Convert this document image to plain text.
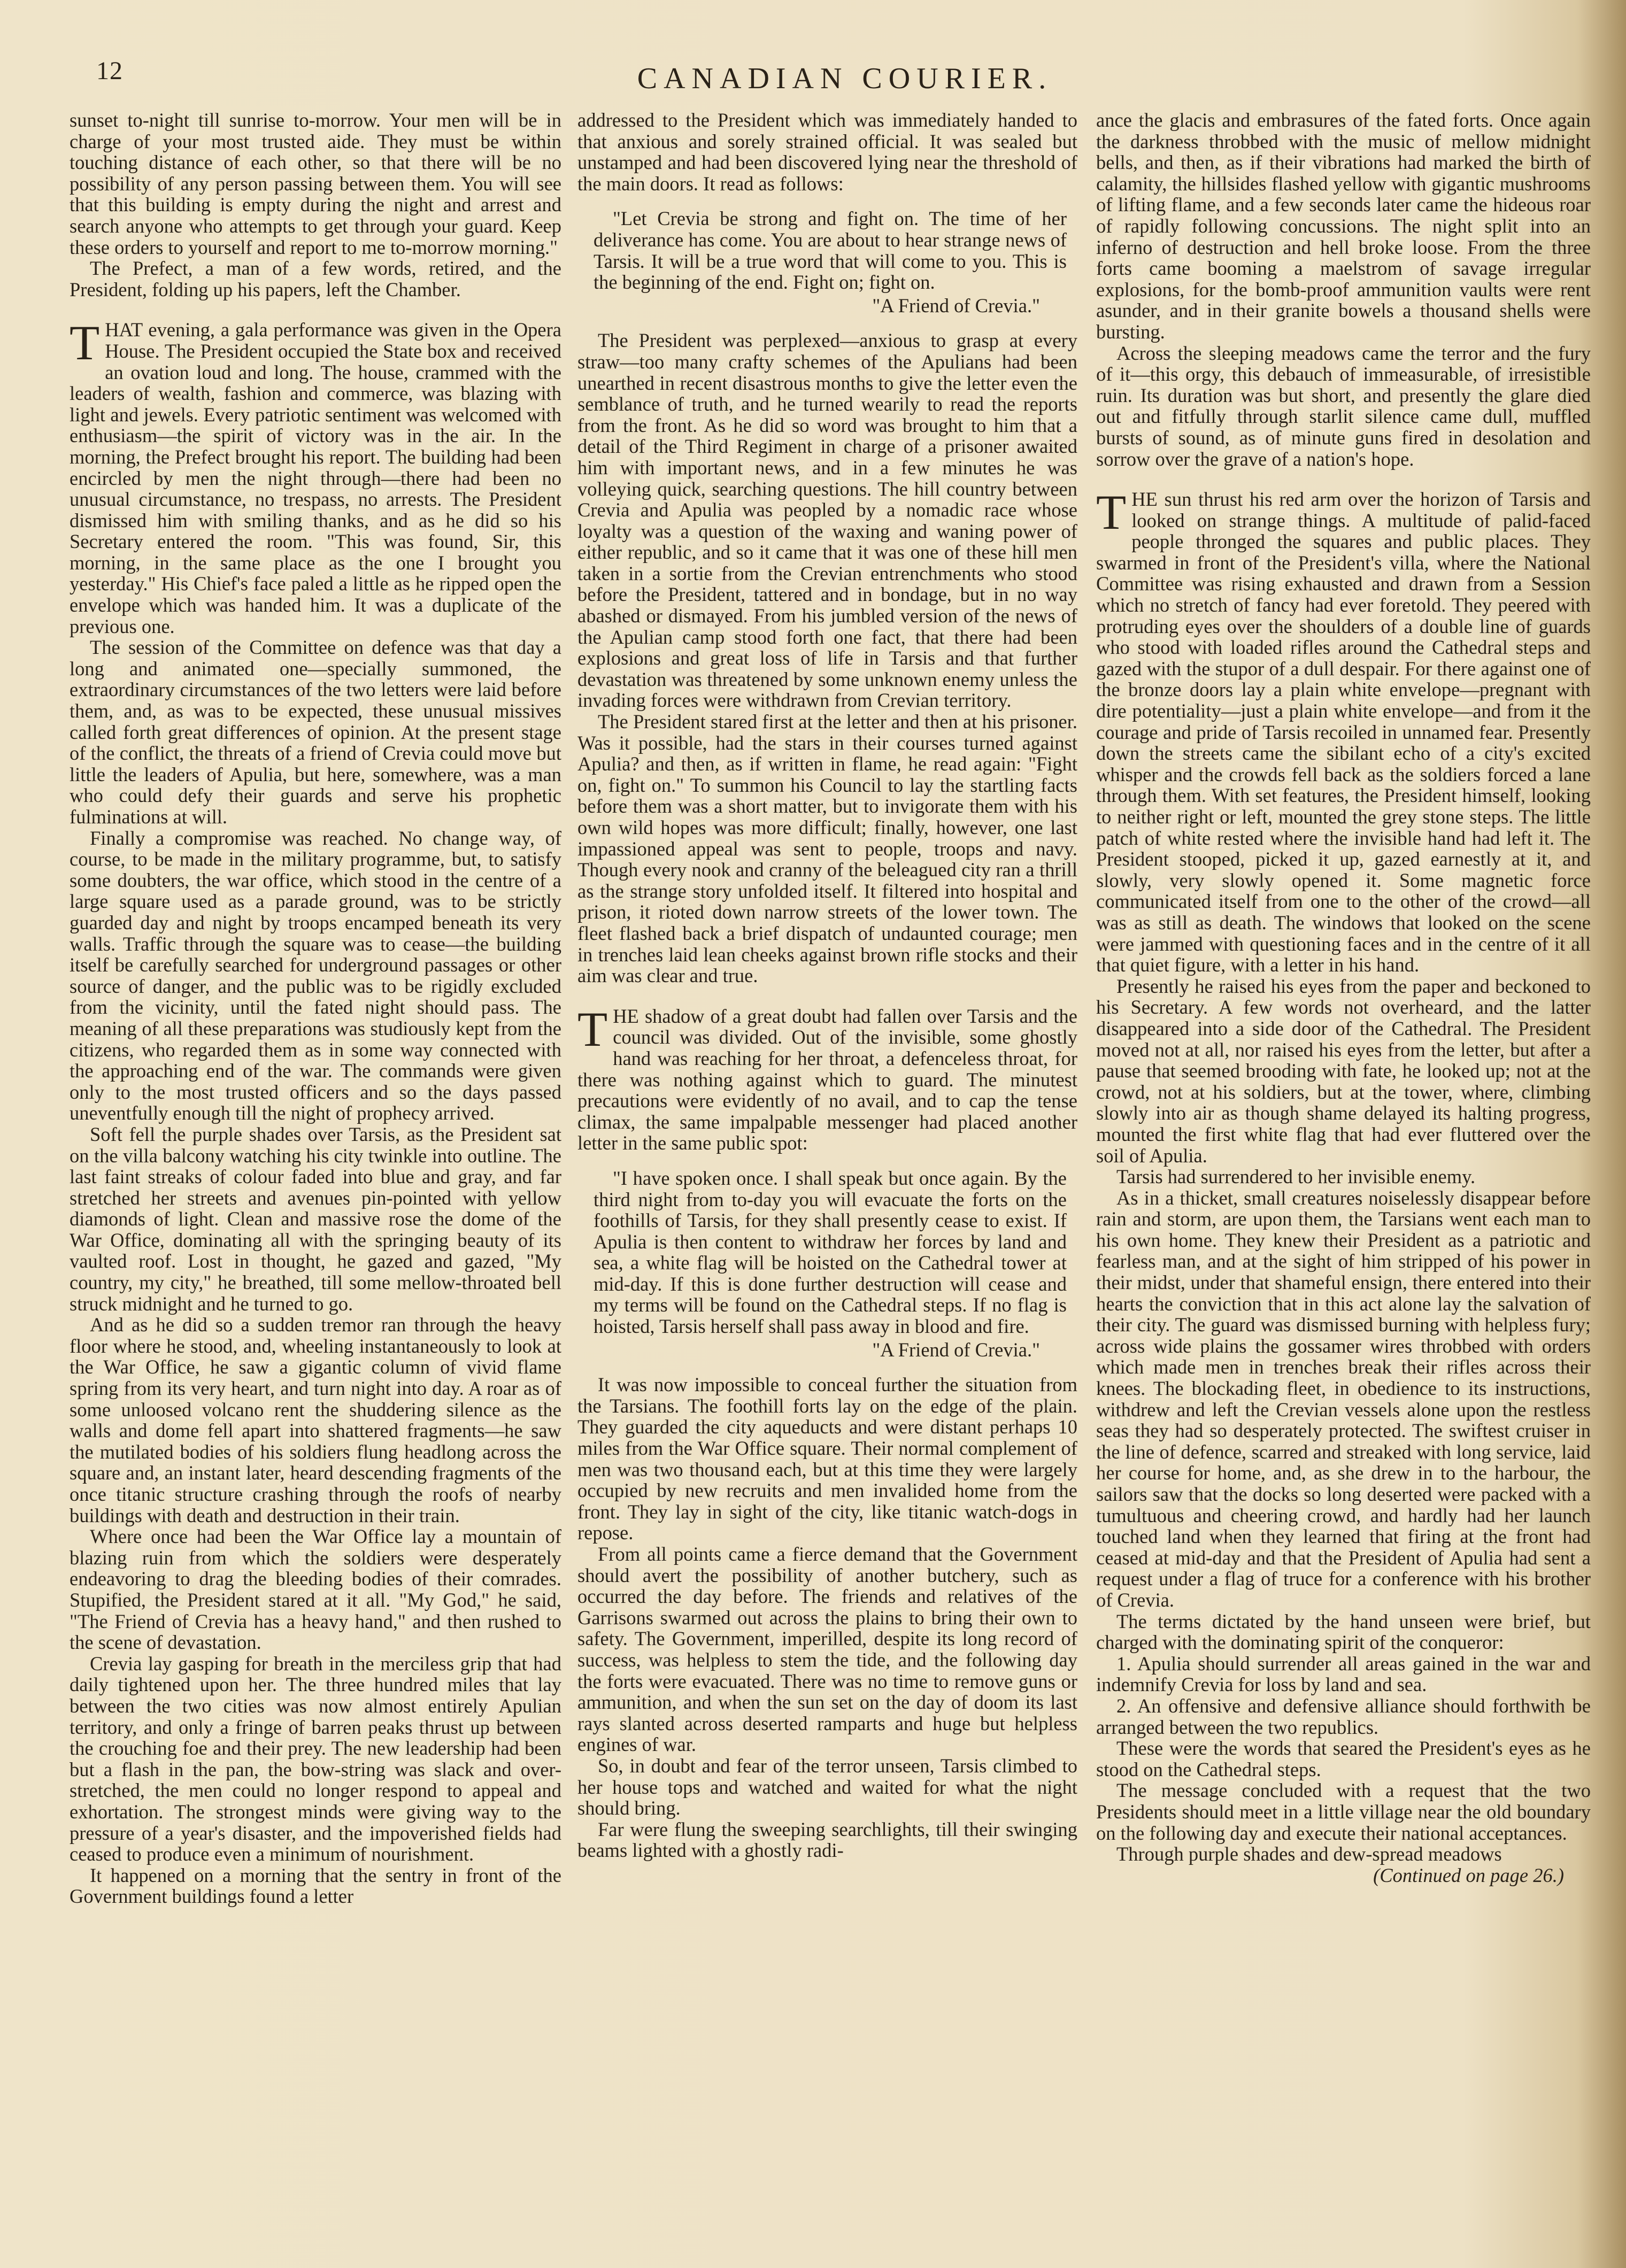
12	CANADIAN COURIER.

sunset to-night till sunrise to-morrow. Your men will be in charge of your most trusted aide. They must be within touching distance of each other, so that there will be no possibility of any person passing between them. You will see that this building is empty during the night and arrest and search anyone who attempts to get through your guard. Keep these orders to yourself and report to me to-morrow morning."

The Prefect, a man of a few words, retired, and the President, folding up his papers, left the Chamber.

THAT evening, a gala performance was given in the Opera House. The President occupied the State box and received an ovation loud and long. The house, crammed with the leaders of wealth, fashion and commerce, was blazing with light and jewels. Every patriotic sentiment was welcomed with enthusiasm—the spirit of victory was in the air. In the morning, the Prefect brought his report. The building had been encircled by men the night through—there had been no unusual circumstance, no trespass, no arrests. The President dismissed him with smiling thanks, and as he did so his Secretary entered the room. "This was found, Sir, this morning, in the same place as the one I brought you yesterday." His Chief's face paled a little as he ripped open the envelope which was handed him. It was a duplicate of the previous one.

The session of the Committee on defence was that day a long and animated one—specially summoned, the extraordinary circumstances of the two letters were laid before them, and, as was to be expected, these unusual missives called forth great differences of opinion. At the present stage of the conflict, the threats of a friend of Crevia could move but little the leaders of Apulia, but here, somewhere, was a man who could defy their guards and serve his prophetic fulminations at will.

Finally a compromise was reached. No change way, of course, to be made in the military programme, but, to satisfy some doubters, the war office, which stood in the centre of a large square used as a parade ground, was to be strictly guarded day and night by troops encamped beneath its very walls. Traffic through the square was to cease—the building itself be carefully searched for underground passages or other source of danger, and the public was to be rigidly excluded from the vicinity, until the fated night should pass. The meaning of all these preparations was studiously kept from the citizens, who regarded them as in some way connected with the approaching end of the war. The commands were given only to the most trusted officers and so the days passed uneventfully enough till the night of prophecy arrived.

Soft fell the purple shades over Tarsis, as the President sat on the villa balcony watching his city twinkle into outline. The last faint streaks of colour faded into blue and gray, and far stretched her streets and avenues pin-pointed with yellow diamonds of light. Clean and massive rose the dome of the War Office, dominating all with the springing beauty of its vaulted roof. Lost in thought, he gazed and gazed, "My country, my city," he breathed, till some mellow-throated bell struck midnight and he turned to go.

And as he did so a sudden tremor ran through the heavy floor where he stood, and, wheeling instantaneously to look at the War Office, he saw a gigantic column of vivid flame spring from its very heart, and turn night into day. A roar as of some unloosed volcano rent the shuddering silence as the walls and dome fell apart into shattered fragments—he saw the mutilated bodies of his soldiers flung headlong across the square and, an instant later, heard descending fragments of the once titanic structure crashing through the roofs of nearby buildings with death and destruction in their train.

Where once had been the War Office lay a mountain of blazing ruin from which the soldiers were desperately endeavoring to drag the bleeding bodies of their comrades. Stupified, the President stared at it all. "My God," he said, "The Friend of Crevia has a heavy hand," and then rushed to the scene of devastation.

Crevia lay gasping for breath in the merciless grip that had daily tightened upon her. The three hundred miles that lay between the two cities was now almost entirely Apulian territory, and only a fringe of barren peaks thrust up between the crouching foe and their prey. The new leadership had been but a flash in the pan, the bow-string was slack and over-stretched, the men could no longer respond to appeal and exhortation. The strongest minds were giving way to the pressure of a year's disaster, and the impoverished fields had ceased to produce even a minimum of nourishment.

It happened on a morning that the sentry in front of the Government buildings found a letter

addressed to the President which was immediately handed to that anxious and sorely strained official. It was sealed but unstamped and had been discovered lying near the threshold of the main doors. It read as follows:

"Let Crevia be strong and fight on. The time of her deliverance has come. You are about to hear strange news of Tarsis. It will be a true word that will come to you. This is the beginning of the end. Fight on; fight on.

"A Friend of Crevia."

The President was perplexed—anxious to grasp at every straw—too many crafty schemes of the Apulians had been unearthed in recent disastrous months to give the letter even the semblance of truth, and he turned wearily to read the reports from the front. As he did so word was brought to him that a detail of the Third Regiment in charge of a prisoner awaited him with important news, and in a few minutes he was volleying quick, searching questions. The hill country between Crevia and Apulia was peopled by a nomadic race whose loyalty was a question of the waxing and waning power of either republic, and so it came that it was one of these hill men taken in a sortie from the Crevian entrenchments who stood before the President, tattered and in bondage, but in no way abashed or dismayed. From his jumbled version of the news of the Apulian camp stood forth one fact, that there had been explosions and great loss of life in Tarsis and that further devastation was threatened by some unknown enemy unless the invading forces were withdrawn from Crevian territory.

The President stared first at the letter and then at his prisoner. Was it possible, had the stars in their courses turned against Apulia? and then, as if written in flame, he read again: "Fight on, fight on." To summon his Council to lay the startling facts before them was a short matter, but to invigorate them with his own wild hopes was more difficult; finally, however, one last impassioned appeal was sent to people, troops and navy. Though every nook and cranny of the beleagued city ran a thrill as the strange story unfolded itself. It filtered into hospital and prison, it rioted down narrow streets of the lower town. The fleet flashed back a brief dispatch of undaunted courage; men in trenches laid lean cheeks against brown rifle stocks and their aim was clear and true.

THE shadow of a great doubt had fallen over Tarsis and the council was divided. Out of the invisible, some ghostly hand was reaching for her throat, a defenceless throat, for there was nothing against which to guard. The minutest precautions were evidently of no avail, and to cap the tense climax, the same impalpable messenger had placed another letter in the same public spot:

"I have spoken once. I shall speak but once again. By the third night from to-day you will evacuate the forts on the foothills of Tarsis, for they shall presently cease to exist. If Apulia is then content to withdraw her forces by land and sea, a white flag will be hoisted on the Cathedral tower at mid-day. If this is done further destruction will cease and my terms will be found on the Cathedral steps. If no flag is hoisted, Tarsis herself shall pass away in blood and fire.

"A Friend of Crevia."

It was now impossible to conceal further the situation from the Tarsians. The foothill forts lay on the edge of the plain. They guarded the city aqueducts and were distant perhaps 10 miles from the War Office square. Their normal complement of men was two thousand each, but at this time they were largely occupied by new recruits and men invalided home from the front. They lay in sight of the city, like titanic watch-dogs in repose.

From all points came a fierce demand that the Government should avert the possibility of another butchery, such as occurred the day before. The friends and relatives of the Garrisons swarmed out across the plains to bring their own to safety. The Government, imperilled, despite its long record of success, was helpless to stem the tide, and the following day the forts were evacuated. There was no time to remove guns or ammunition, and when the sun set on the day of doom its last rays slanted across deserted ramparts and huge but helpless engines of war.

So, in doubt and fear of the terror unseen, Tarsis climbed to her house tops and watched and waited for what the night should bring.

Far were flung the sweeping searchlights, till their swinging beams lighted with a ghostly radi-

ance the glacis and embrasures of the fated forts. Once again the darkness throbbed with the music of mellow midnight bells, and then, as if their vibrations had marked the birth of calamity, the hillsides flashed yellow with gigantic mushrooms of lifting flame, and a few seconds later came the hideous roar of rapidly following concussions. The night split into an inferno of destruction and hell broke loose. From the three forts came booming a maelstrom of savage irregular explosions, for the bomb-proof ammunition vaults were rent asunder, and in their granite bowels a thousand shells were bursting.

Across the sleeping meadows came the terror and the fury of it—this orgy, this debauch of immeasurable, of irresistible ruin. Its duration was but short, and presently the glare died out and fitfully through starlit silence came dull, muffled bursts of sound, as of minute guns fired in desolation and sorrow over the grave of a nation's hope.

THE sun thrust his red arm over the horizon of Tarsis and looked on strange things. A multitude of palid-faced people thronged the squares and public places. They swarmed in front of the President's villa, where the National Committee was rising exhausted and drawn from a Session which no stretch of fancy had ever foretold. They peered with protruding eyes over the shoulders of a double line of guards who stood with loaded rifles around the Cathedral steps and gazed with the stupor of a dull despair. For there against one of the bronze doors lay a plain white envelope—pregnant with dire potentiality—just a plain white envelope—and from it the courage and pride of Tarsis recoiled in unnamed fear. Presently down the streets came the sibilant echo of a city's excited whisper and the crowds fell back as the soldiers forced a lane through them. With set features, the President himself, looking to neither right or left, mounted the grey stone steps. The little patch of white rested where the invisible hand had left it. The President stooped, picked it up, gazed earnestly at it, and slowly, very slowly opened it. Some magnetic force communicated itself from one to the other of the crowd—all was as still as death. The windows that looked on the scene were jammed with questioning faces and in the centre of it all that quiet figure, with a letter in his hand.

Presently he raised his eyes from the paper and beckoned to his Secretary. A few words not overheard, and the latter disappeared into a side door of the Cathedral. The President moved not at all, nor raised his eyes from the letter, but after a pause that seemed brooding with fate, he looked up; not at the crowd, not at his soldiers, but at the tower, where, climbing slowly into air as though shame delayed its halting progress, mounted the first white flag that had ever fluttered over the soil of Apulia.

Tarsis had surrendered to her invisible enemy.

As in a thicket, small creatures noiselessly disappear before rain and storm, are upon them, the Tarsians went each man to his own home. They knew their President as a patriotic and fearless man, and at the sight of him stripped of his power in their midst, under that shameful ensign, there entered into their hearts the conviction that in this act alone lay the salvation of their city. The guard was dismissed burning with helpless fury; across wide plains the gossamer wires throbbed with orders which made men in trenches break their rifles across their knees. The blockading fleet, in obedience to its instructions, withdrew and left the Crevian vessels alone upon the restless seas they had so desperately protected. The swiftest cruiser in the line of defence, scarred and streaked with long service, laid her course for home, and, as she drew in to the harbour, the sailors saw that the docks so long deserted were packed with a tumultuous and cheering crowd, and hardly had her launch touched land when they learned that firing at the front had ceased at mid-day and that the President of Apulia had sent a request under a flag of truce for a conference with his brother of Crevia.

The terms dictated by the hand unseen were brief, but charged with the dominating spirit of the conqueror:

1. Apulia should surrender all areas gained in the war and indemnify Crevia for loss by land and sea.

2. An offensive and defensive alliance should forthwith be arranged between the two republics.

These were the words that seared the President's eyes as he stood on the Cathedral steps.

The message concluded with a request that the two Presidents should meet in a little village near the old boundary on the following day and execute their national acceptances.

Through purple shades and dew-spread meadows

(Continued on page 26.)
